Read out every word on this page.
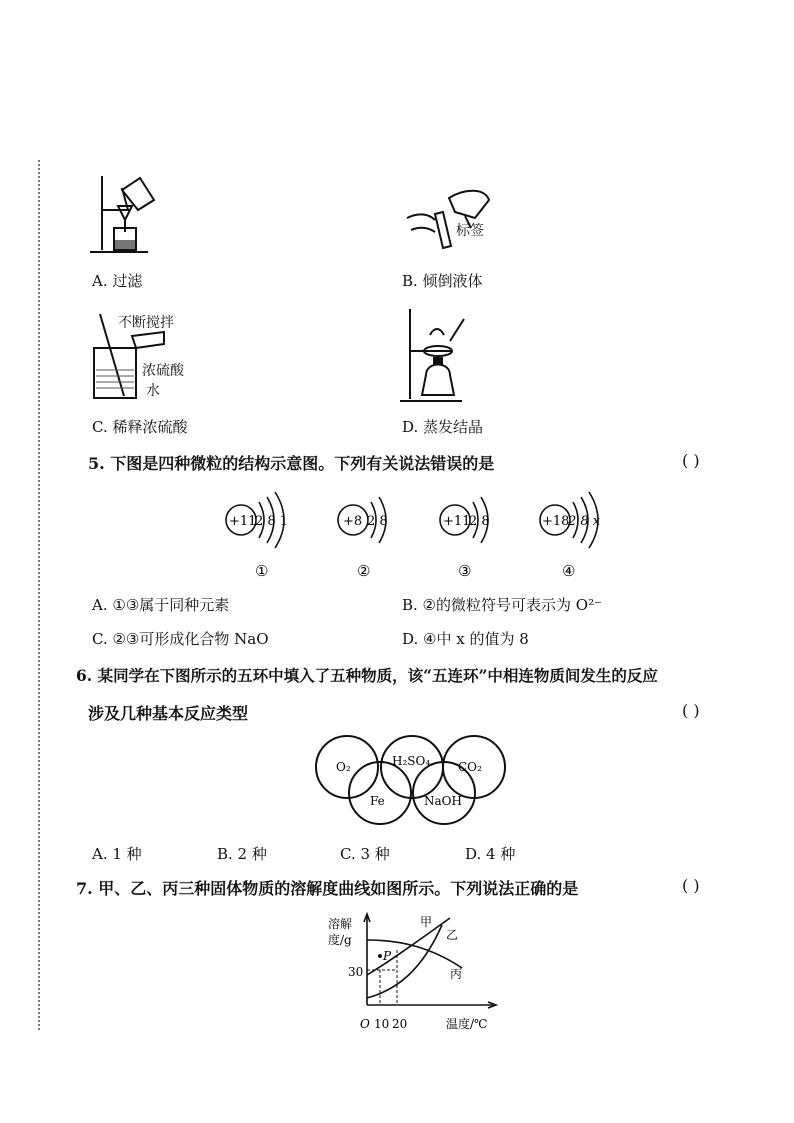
A. 过滤
标签
B. 倾倒液体
不断搅拌
浓硫酸
水
C. 稀释浓硫酸	D. 蒸发结晶
5. 下图是四种微粒的结构示意图。下列有关说法错误的是	( )
+11
2 8 1
①
+8 2 8
②
+11
2 8
③
+18
2 8 x
④
A. ①③属于同种元素	B. ②的微粒符号可表示为 O²⁻
C. ②③可形成化合物 NaO	D. ④中 x 的值为 8
6. 某同学在下图所示的五环中填入了五种物质，该“五连环”中相连物质间发生的反应
涉及几种基本反应类型	( )
O₂	H₂SO₄ CO₂
Fe	NaOH
A. 1 种	B. 2 种	C. 3 种	D. 4 种
7. 甲、乙、丙三种固体物质的溶解度曲线如图所示。下列说法正确的是	( )
溶解
度/g
30
O 10 20	温度/℃
P
甲
乙
丙
